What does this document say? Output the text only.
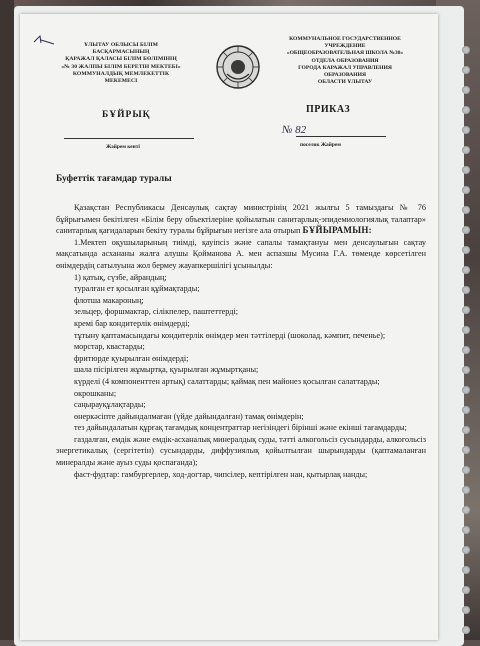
ҰЛЫТАУ ОБЛЫСЫ БІЛІМ
БАСҚАРМАСЫНЫҢ
ҚАРАЖАЛ ҚАЛАСЫ БІЛІМ БӨЛІМІНІҢ
«№ 30 ЖАЛПЫ БІЛІМ БЕРЕТІН МЕКТЕБІ»
КОММУНАЛДЫҚ МЕМЛЕКЕТТІК
МЕКЕМЕСІ
КОММУНАЛЬНОЕ ГОСУДАРСТВЕННОЕ
УЧРЕЖДЕНИЕ
«ОБЩЕОБРАЗОВАТЕЛЬНАЯ ШКОЛА №30»
ОТДЕЛА ОБРАЗОВАНИЯ
ГОРОДА КАРАЖАЛ УПРАВЛЕНИЯ
ОБРАЗОВАНИЯ
ОБЛАСТИ ҰЛЫТАУ
БҰЙРЫҚ	ПРИКАЗ
№ 82
Жәйрем кенті	поселок Жайрем
Буфеттік тағамдар туралы

Қазақстан Республикасы Денсаулық сақтау министрінің 2021 жылғы 5 тамыздағы № 76 бұйрығымен бекітілген «Білім беру объектілеріне қойылатын санитарлық-эпидемиологиялық талаптар» санитарлық қағидаларын бекіту туралы бұйрығын негізге ала отырып БҰЙЫРАМЫН:

1.Мектеп оқушыларының тиімді, қауіпсіз және сапалы тамақтануы мен денсаулығын сақтау мақсатында асхананы жалға алушы Қойманова А. мен аспазшы Мусина Г.А. төменде көрсетілген өнімдердің сатылуына жол бермеу жауапкершілігі ұсынылды:

1) қатық, сүзбе, айрандың;

туралған ет қосылған құймақтарды;

флотша макароның;

зельцер, форшмактар, сілікпелер, паштеттерді;

кремі бар кондитерлік өнімдерді;

тұтыну қаптамасындағы кондитерлік өнімдер мен тәттілерді (шоколад, кәмпит, печенье);

морстар, квастарды;

фритюрде қуырылған өнімдерді;

шала пісірілген жұмыртқа, қуырылған жұмыртқаны;

күрделі (4 компоненттен артық) салаттарды; қаймақ пен майонез қосылған салаттарды;

окрошканы;

саңырауқұлақтарды;

өнеркәсіпте дайындалмаған (үйде дайындалған) тамақ өнімдерін;

тез дайындалатын құрғақ тағамдық концентраттар негізіндегі бірінші және екінші тағамдарды;

газдалған, емдік және емдік-асханалық минералдық суды, тәтті алкогольсіз сусындарды, алкогольсіз энергетикалық (сергітетін) сусындарды, диффузиялық қойылтылған шырындарды (қаптамаланған минералды және ауыз суды қоспағанда);

фаст-фудтар: гамбургерлер, ход-догтар, чипсілер, кептірілген нан, қытырлақ нанды;
